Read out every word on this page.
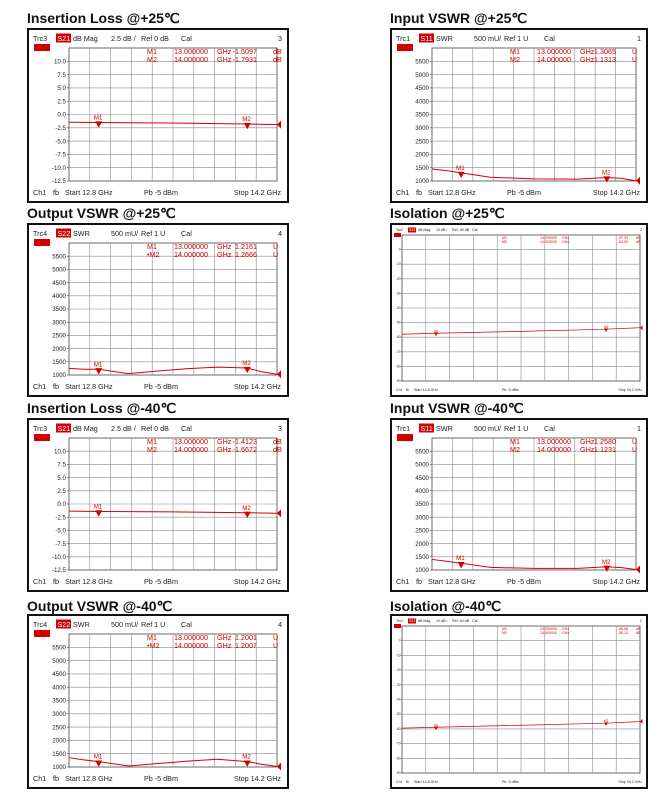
Insertion Loss @+25℃	Input VSWR @+25℃
Output VSWR @+25℃	Isolation @+25℃
Insertion Loss @-40℃	Input VSWR @-40℃
Output VSWR @-40℃	Isolation @-40℃
Trc3 S21 dB Mag 2.5 dB / Ref 0 dB Cal	3
10.0
7.5
5.0
2.5
0.0
-2.5
-5.0
-7.5
-10.0
-12.5
M1
M1 13.000000 GHz -1.5097 dB
M2
M2 14.000000 GHz -1.7931 dB
Ch1 fb Start 12.8 GHz	Pb -5 dBm	Stop 14.2 GHz
Trc1 S11 SWR	500 mU/ Ref 1 U Cal	1
5500
5000
4500
4000
3500
3000
2500
2000
1500
1000
M1
M1 13.000000 GHz 1.3065 U
M2
M2 14.000000 GHz 1.1313 U
Ch1 fb Start 12.8 GHz	Pb -5 dBm	Stop 14.2 GHz
Trc4 S22 SWR	500 mU/ Ref 1 U Cal	4
5500
5000
4500
4000
3500
3000
2500
2000
1500
1000
M1
M1 13.000000 GHz 1.2161 U
M2
•M2 14.000000 GHz 1.2666 U
Ch1 fb Start 12.8 GHz	Pb -5 dBm	Stop 14.2 GHz
Trc2 S12 dB Mag 10 dB / Ref -40 dB Cal	2
0
-10
-20
-30
-40
-50
-60
-70
-80
-90
M1
M1	13.000000 GHz	-57.33 dB
M2
M2	14.000000 GHz	-54.50 dB
Ch1 fb Start 12.8 GHz	Pb -5 dBm	Stop 14.2 GHz
Trc3 S21 dB Mag 2.5 dB / Ref 0 dB Cal	3
10.0
7.5
5.0
2.5
0.0
-2.5
-5.0
-7.5
-10.0
-12.5
M1
M1 13.000000 GHz -1.4123 dB
M2
M2 14.000000 GHz -1.6672 dB
Ch1 fb Start 12.8 GHz	Pb -5 dBm	Stop 14.2 GHz
Trc1 S11 SWR	500 mU/ Ref 1 U Cal	1
5500
5000
4500
4000
3500
3000
2500
2000
1500
1000
M1
M1 13.000000 GHz 1.2580 U
M2
M2 14.000000 GHz 1.1231 U
Ch1 fb Start 12.8 GHz	Pb -5 dBm	Stop 14.2 GHz
Trc4 S22 SWR	500 mU/ Ref 1 U Cal	4
5500
5000
4500
4000
3500
3000
2500
2000
1500
1000
M1
M1 13.000000 GHz 1.2001 U
M2
•M2 14.000000 GHz 1.2007 U
Ch1 fb Start 12.8 GHz	Pb -5 dBm	Stop 14.2 GHz
Trc2 S12 dB Mag 10 dB / Ref -40 dB Cal	2
0
-10
-20
-30
-40
-50
-60
-70
-80
-90
M1
M1	13.000000 GHz	-58.96 dB
M2
M2	14.000000 GHz	-56.13 dB
Ch1 fb Start 12.8 GHz	Pb -5 dBm	Stop 14.2 GHz
